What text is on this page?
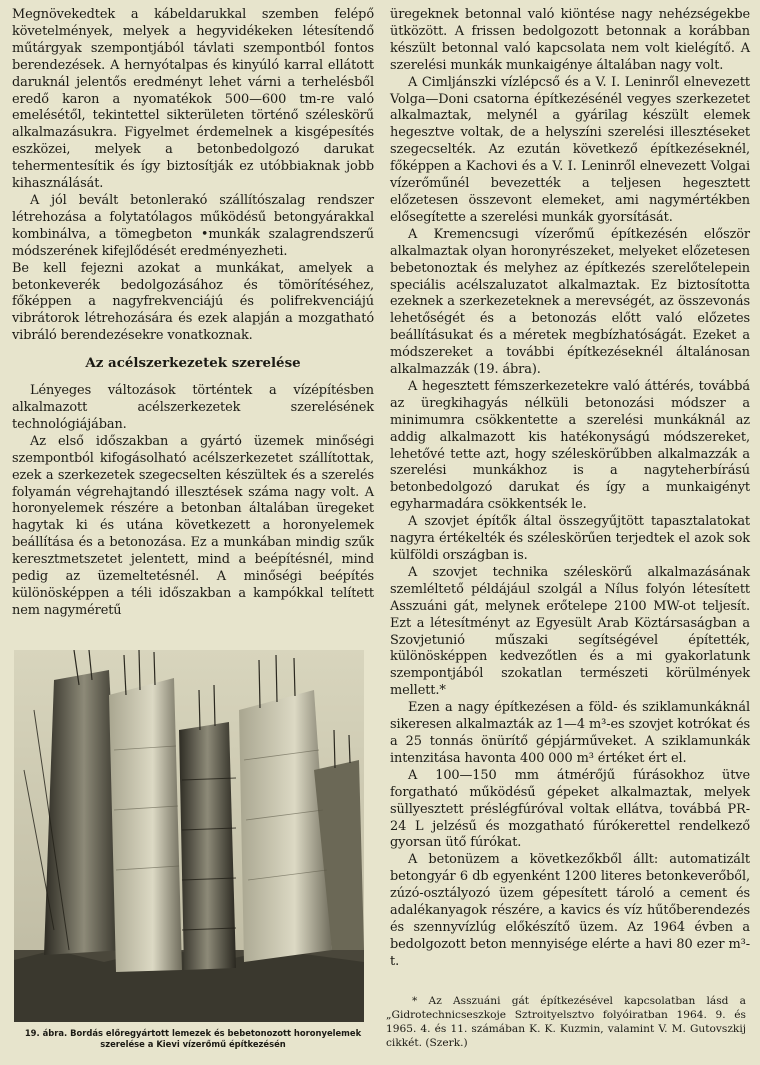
Megnövekedtek a kábeldarukkal szemben felépő követelmények, melyek a hegyvidékeken létesítendő műtárgyak szempontjából távlati szempontból fontos berendezések. A hernyótalpas és kinyúló karral ellátott daruknál jelentős eredményt lehet várni a terhelésből eredő karon a nyomatékok 500—600 tm-re való emelésétől, tekintettel sikterületen történő széleskörű alkalmazásukra. Figyelmet érdemelnek a kisgépesítés eszközei, melyek a betonbedolgozó darukat tehermentesítik és így biztosítják ez utóbbiaknak jobb kihasználását.

A jól bevált betonlerakó szállítószalag rendszer létrehozása a folytatólagos működésű betongyárakkal kombinálva, a tömegbeton •munkák szalagrendszerű módszerének kifejlődését eredményezheti.

Be kell fejezni azokat a munkákat, amelyek a betonkeverék bedolgozásához és tömörítéséhez, főképpen a nagyfrekvenciájú és polifrekvenciájú vibrátorok létrehozására és ezek alapján a mozgatható vibráló berendezésekre vonatkoznak.

Az acélszerkezetek szerelése

Lényeges változások történtek a vízépítésben alkalmazott acélszerkezetek szerelésének technológiájában.

Az első időszakban a gyártó üzemek minőségi szempontból kifogásolható acélszerkezetet szállítottak, ezek a szerkezetek szegecselten készültek és a szerelés folyamán végrehajtandó illesztések száma nagy volt. A horonyelemek részére a betonban általában üregeket hagytak ki és utána következett a horonyelemek beállítása és a betonozása. Ez a munkában mindig szűk keresztmetszetet jelentett, mind a beépítésnél, mind pedig az üzemeltetésnél. A minőségi beépítés különösképpen a téli időszakban a kampókkal telített nem nagyméretű

19. ábra. Bordás előregyártott lemezek és bebetonozott horonyelemek
szerelése a Kievi vízerőmű építkezésén

üregeknek betonnal való kiöntése nagy nehézségekbe ütközött. A frissen bedolgozott betonnak a korábban készült betonnal való kapcsolata nem volt kielégítő. A szerelési munkák munkaigénye általában nagy volt.

A Cimljánszki vízlépcső és a V. I. Leninről elnevezett Volga—Doni csatorna építkezésénél vegyes szerkezetet alkalmaztak, melynél a gyárilag készült elemek hegesztve voltak, de a helyszíni szerelési illesztéseket szegecselték. Az ezután következő építkezéseknél, főképpen a Kachovi és a V. I. Leninről elnevezett Volgai vízerőműnél bevezették a teljesen hegesztett előzetesen összevont elemeket, ami nagymértékben elősegítette a szerelési munkák gyorsítását.

A Kremencsugi vízerőmű építkezésén először alkalmaztak olyan horonyrészeket, melyeket előzetesen bebetonoztak és melyhez az építkezés szerelőtelepein speciális acélszaluzatot alkalmaztak. Ez biztosította ezeknek a szerkezeteknek a merevségét, az összevonás lehetőségét és a betonozás előtt való előzetes beállításukat és a méretek megbízhatóságát. Ezeket a módszereket a további építkezéseknél általánosan alkalmazzák (19. ábra).

A hegesztett fémszerkezetekre való áttérés, továbbá az üregkihagyás nélküli betonozási módszer a minimumra csökkentette a szerelési munkáknál az addig alkalmazott kis hatékonyságú módszereket, lehetővé tette azt, hogy széleskörűbben alkalmazzák a szerelési munkákhoz is a nagyteherbírású betonbedolgozó darukat és így a munkaigényt egyharmadára csökkentsék le.

A szovjet építők által összegyűjtött tapasztalatokat nagyra értékelték és széleskörűen terjedtek el azok sok külföldi országban is.

A szovjet technika széleskörű alkalmazásának szemléltető példájául szolgál a Nílus folyón létesített Asszuáni gát, melynek erőtelepe 2100 MW-ot teljesít. Ezt a létesítményt az Egyesült Arab Köztársaságban a Szovjetunió műszaki segítségével építették, különösképpen kedvezőtlen és a mi gyakorlatunk szempontjából szokatlan természeti körülmények mellett.*

Ezen a nagy építkezésen a föld- és sziklamunkáknál sikeresen alkalmazták az 1—4 m³-es szovjet kotrókat és a 25 tonnás önürítő gépjárműveket. A sziklamunkák intenzitása havonta 400 000 m³ értéket ért el.

A 100—150 mm átmérőjű fúrásokhoz ütve forgatható működésű gépeket alkalmaztak, melyek süllyesztett préslégfúróval voltak ellátva, továbbá PR-24 L jelzésű és mozgatható fúrókerettel rendelkező gyorsan ütő fúrókat.

A betonüzem a következőkből állt: automatizált betongyár 6 db egyenként 1200 literes betonkeverőből, zúzó-osztályozó üzem gépesített tároló a cement és adalékanyagok részére, a kavics és víz hűtőberendezés és szennyvízlúg előkészítő üzem. Az 1964 évben a bedolgozott beton mennyisége elérte a havi 80 ezer m³-t.

* Az Asszuáni gát építkezésével kapcsolatban lásd a „Gidrotechnicseszkoje Sztroityelsztvo folyóiratban 1964. 9. és 1965. 4. és 11. számában K. K. Kuzmin, valamint V. M. Gutovszkij cikkét. (Szerk.)
